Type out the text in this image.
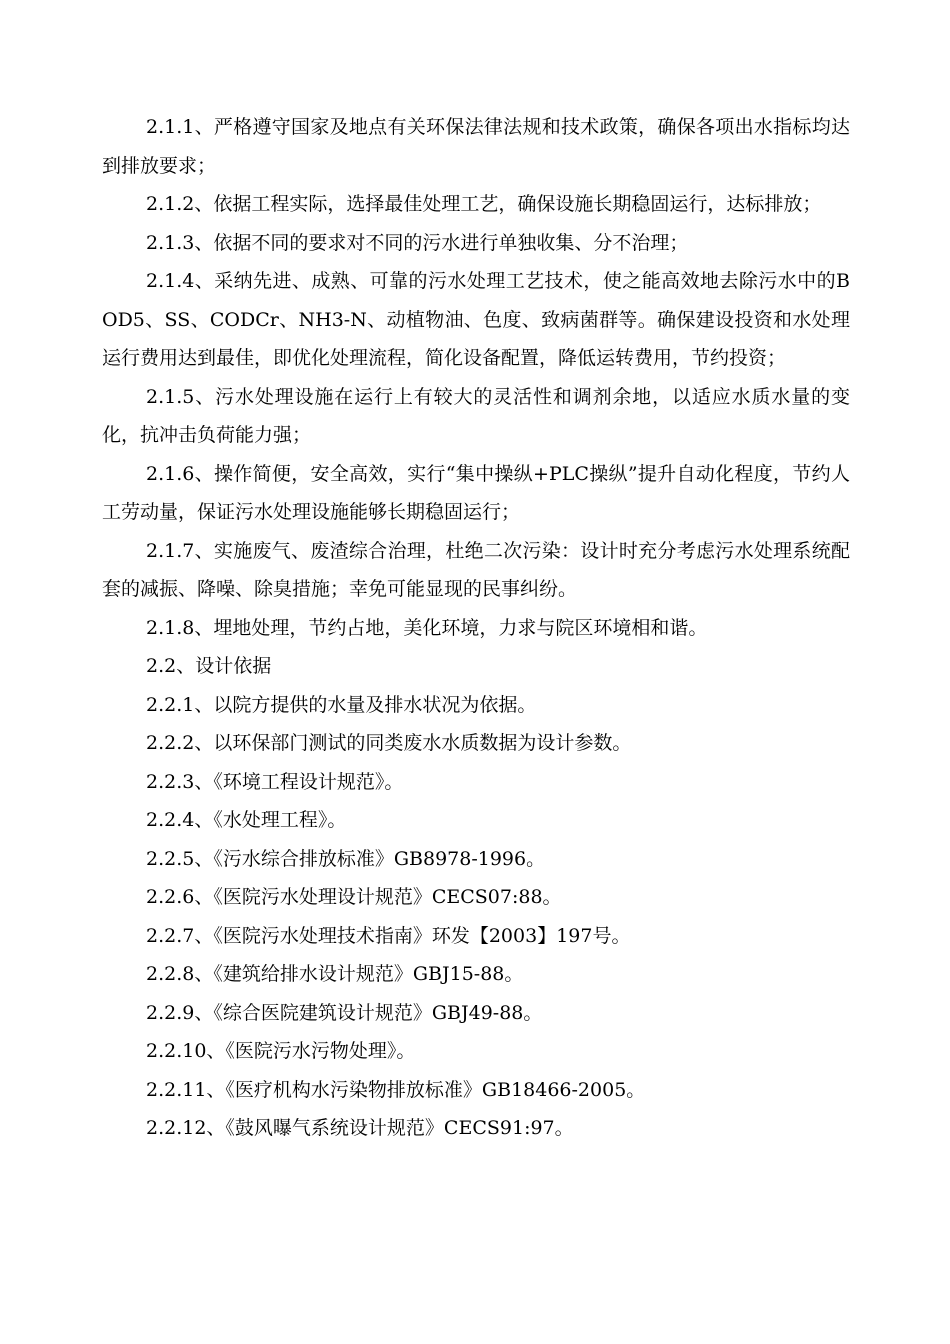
2.1.1、严格遵守国家及地点有关环保法律法规和技术政策，确保各项出水指标均达到排放要求；

2.1.2、依据工程实际，选择最佳处理工艺，确保设施长期稳固运行，达标排放；

2.1.3、依据不同的要求对不同的污水进行单独收集、分不治理；

2.1.4、采纳先进、成熟、可靠的污水处理工艺技术，使之能高效地去除污水中的BOD5、SS、CODCr、NH3-N、动植物油、色度、致病菌群等。确保建设投资和水处理运行费用达到最佳，即优化处理流程，简化设备配置，降低运转费用，节约投资；

2.1.5、污水处理设施在运行上有较大的灵活性和调剂余地，以适应水质水量的变化，抗冲击负荷能力强；

2.1.6、操作简便，安全高效，实行“集中操纵+PLC操纵”提升自动化程度，节约人工劳动量，保证污水处理设施能够长期稳固运行；

2.1.7、实施废气、废渣综合治理，杜绝二次污染：设计时充分考虑污水处理系统配套的减振、降噪、除臭措施；幸免可能显现的民事纠纷。

2.1.8、埋地处理，节约占地，美化环境，力求与院区环境相和谐。

2.2、设计依据

2.2.1、以院方提供的水量及排水状况为依据。

2.2.2、以环保部门测试的同类废水水质数据为设计参数。

2.2.3、《环境工程设计规范》。

2.2.4、《水处理工程》。

2.2.5、《污水综合排放标准》GB8978-1996。

2.2.6、《医院污水处理设计规范》CECS07:88。

2.2.7、《医院污水处理技术指南》环发【2003】197号。

2.2.8、《建筑给排水设计规范》GBJ15-88。

2.2.9、《综合医院建筑设计规范》GBJ49-88。

2.2.10、《医院污水污物处理》。

2.2.11、《医疗机构水污染物排放标准》GB18466-2005。

2.2.12、《鼓风曝气系统设计规范》CECS91:97。
